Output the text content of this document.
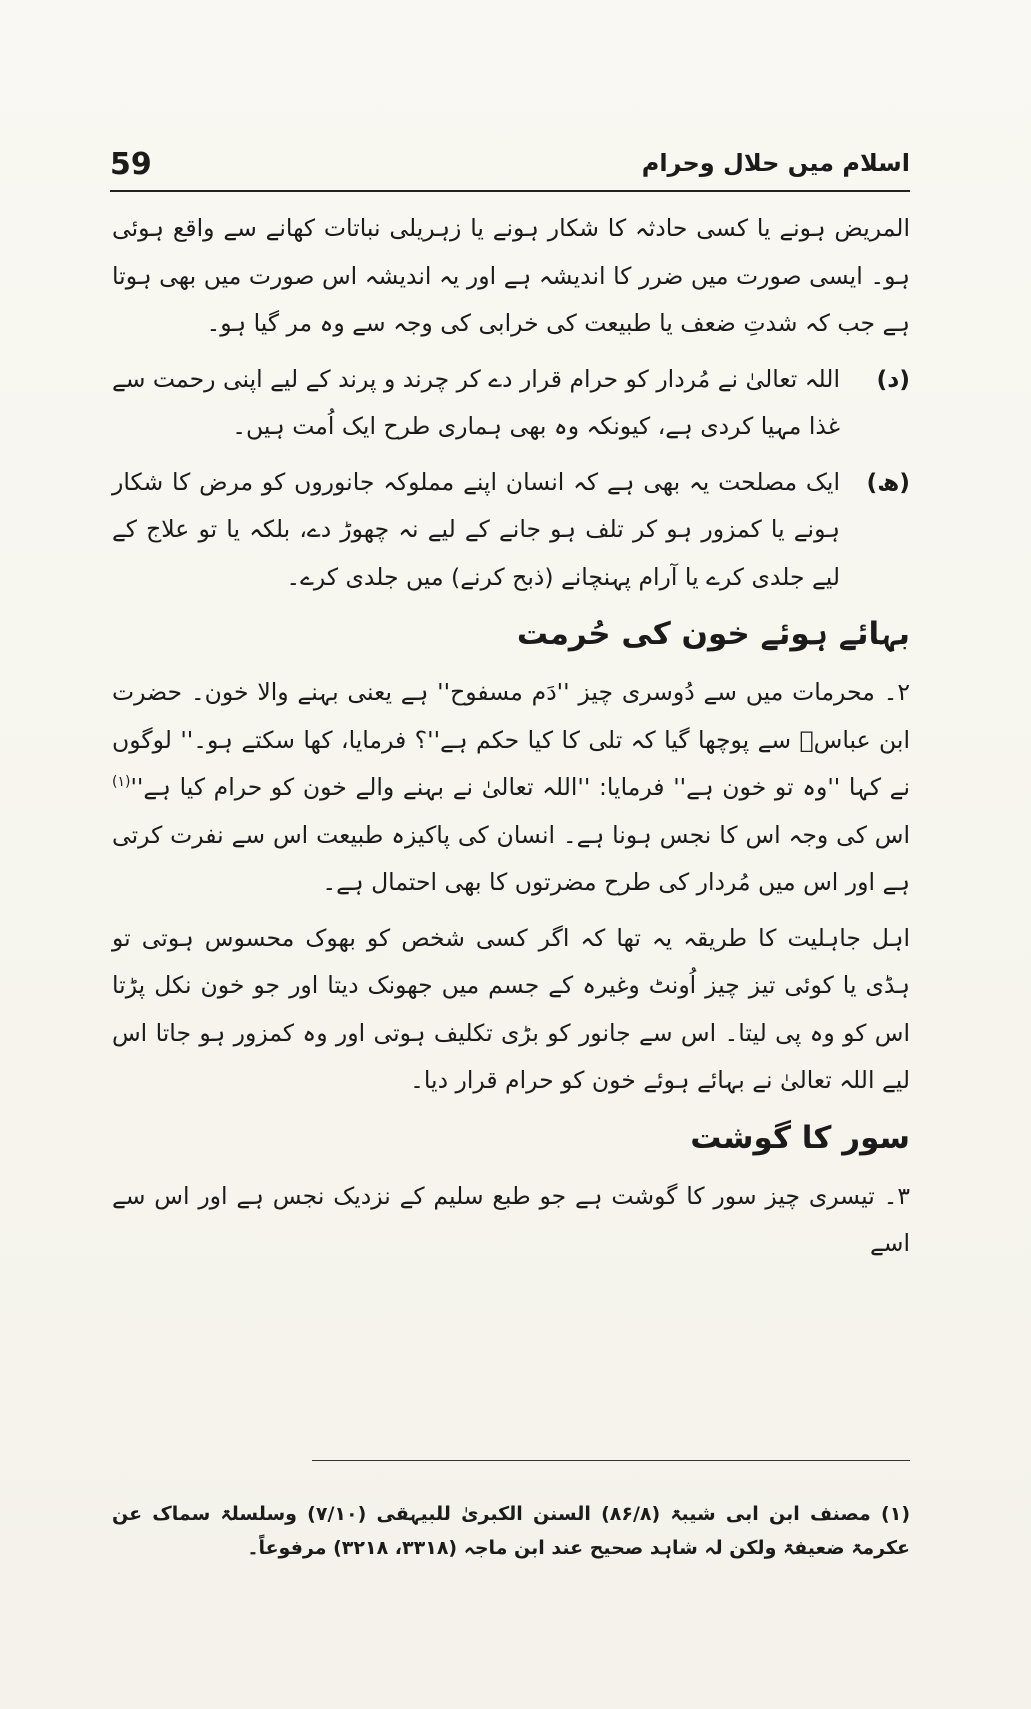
59	اسلام میں حلال وحرام

المریض ہونے یا کسی حادثہ کا شکار ہونے یا زہریلی نباتات کھانے سے واقع ہوئی ہو۔ ایسی صورت میں ضرر کا اندیشہ ہے اور یہ اندیشہ اس صورت میں بھی ہوتا ہے جب کہ شدتِ ضعف یا طبیعت کی خرابی کی وجہ سے وہ مر گیا ہو۔

(د)
اللہ تعالیٰ نے مُردار کو حرام قرار دے کر چرند و پرند کے لیے اپنی رحمت سے غذا مہیا کردی ہے، کیونکہ وہ بھی ہماری طرح ایک اُمت ہیں۔
(ھ)
ایک مصلحت یہ بھی ہے کہ انسان اپنے مملوکہ جانوروں کو مرض کا شکار ہونے یا کمزور ہو کر تلف ہو جانے کے لیے نہ چھوڑ دے، بلکہ یا تو علاج کے لیے جلدی کرے یا آرام پہنچانے (ذبح کرنے) میں جلدی کرے۔
بہائے ہوئے خون کی حُرمت

۲۔ محرمات میں سے دُوسری چیز ''دَم مسفوح'' ہے یعنی بہنے والا خون۔ حضرت ابن عباسؓ سے پوچھا گیا کہ تلی کا کیا حکم ہے''؟ فرمایا، کھا سکتے ہو۔'' لوگوں نے کہا ''وہ تو خون ہے'' فرمایا: ''اللہ تعالیٰ نے بہنے والے خون کو حرام کیا ہے''$^{(۱)}$ اس کی وجہ اس کا نجس ہونا ہے۔ انسان کی پاکیزہ طبیعت اس سے نفرت کرتی ہے اور اس میں مُردار کی طرح مضرتوں کا بھی احتمال ہے۔

اہل جاہلیت کا طریقہ یہ تھا کہ اگر کسی شخص کو بھوک محسوس ہوتی تو ہڈی یا کوئی تیز چیز اُونٹ وغیرہ کے جسم میں جھونک دیتا اور جو خون نکل پڑتا اس کو وہ پی لیتا۔ اس سے جانور کو بڑی تکلیف ہوتی اور وہ کمزور ہو جاتا اس لیے اللہ تعالیٰ نے بہائے ہوئے خون کو حرام قرار دیا۔

سور کا گوشت

۳۔ تیسری چیز سور کا گوشت ہے جو طبع سلیم کے نزدیک نجس ہے اور اس سے اسے

(۱) مصنف ابن ابی شیبۃ (۸۶/۸) السنن الکبریٰ للبیہقی (۷/۱۰) وسلسلۃ سماک عن عکرمۃ ضعیفۃ ولکن لہ شاہد صحیح عند ابن ماجہ (۳۳۱۸، ۳۲۱۸) مرفوعاً۔
